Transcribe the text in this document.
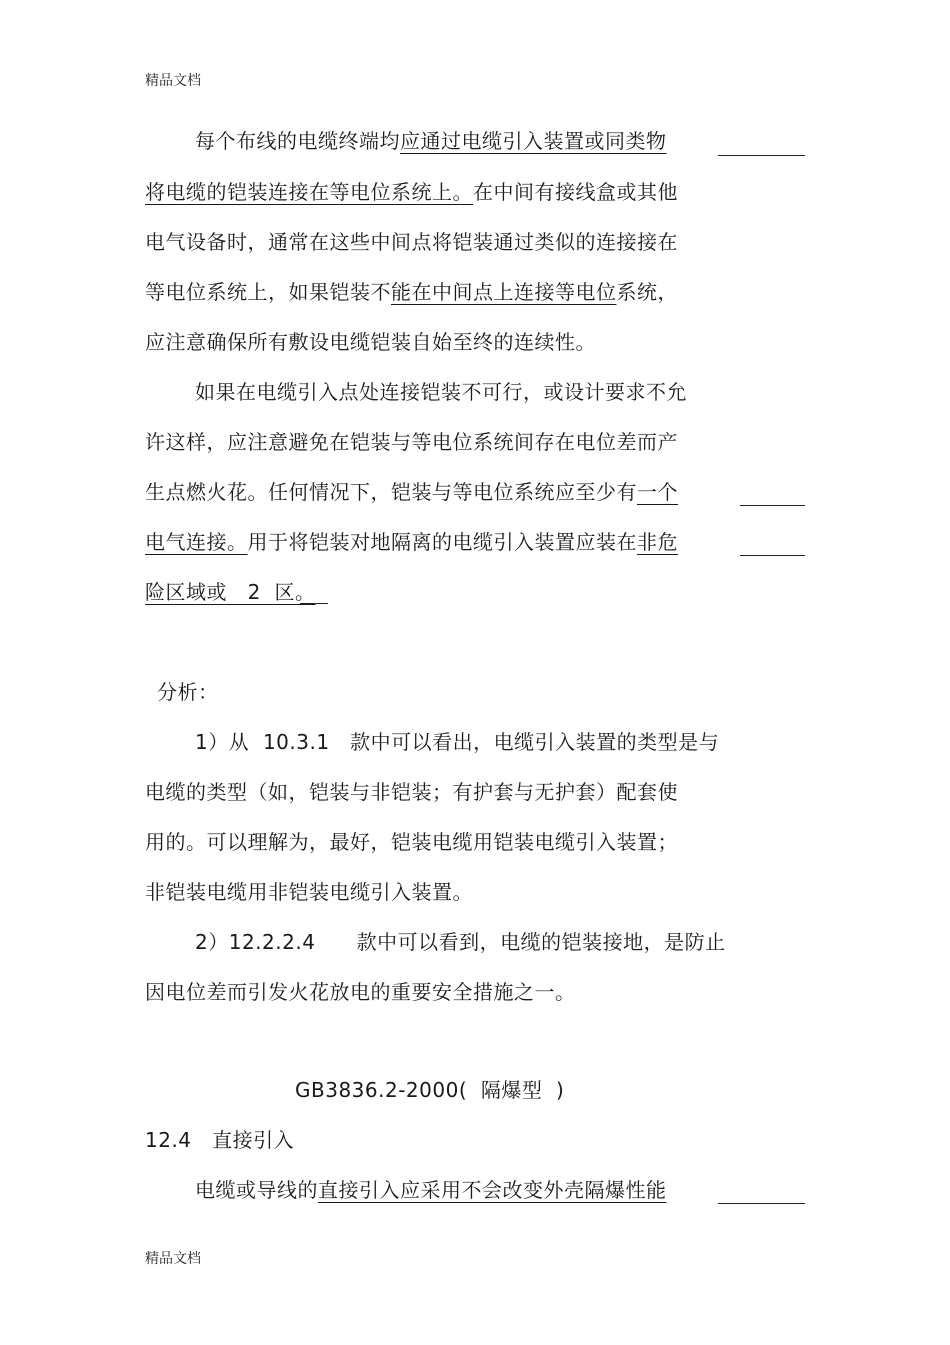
精品文档
每个布线的电缆终端均应通过电缆引入装置或同类物
将电缆的铠装连接在等电位系统上。在中间有接线盒或其他
电气设备时，通常在这些中间点将铠装通过类似的连接接在
等电位系统上，如果铠装不能在中间点上连接等电位系统，
应注意确保所有敷设电缆铠装自始至终的连续性。
如果在电缆引入点处连接铠装不可行，或设计要求不允
许这样，应注意避免在铠装与等电位系统间存在电位差而产
生点燃火花。任何情况下，铠装与等电位系统应至少有一个
电气连接。用于将铠装对地隔离的电缆引入装置应装在非危
险区域或   2  区。
分析：
1）从  10.3.1   款中可以看出，电缆引入装置的类型是与
电缆的类型（如，铠装与非铠装；有护套与无护套）配套使
用的。可以理解为，最好，铠装电缆用铠装电缆引入装置；
非铠装电缆用非铠装电缆引入装置。
2）12.2.2.4      款中可以看到，电缆的铠装接地，是防止
因电位差而引发火花放电的重要安全措施之一。
GB3836.2-2000(  隔爆型  )
12.4   直接引入
电缆或导线的直接引入应采用不会改变外壳隔爆性能
精品文档
